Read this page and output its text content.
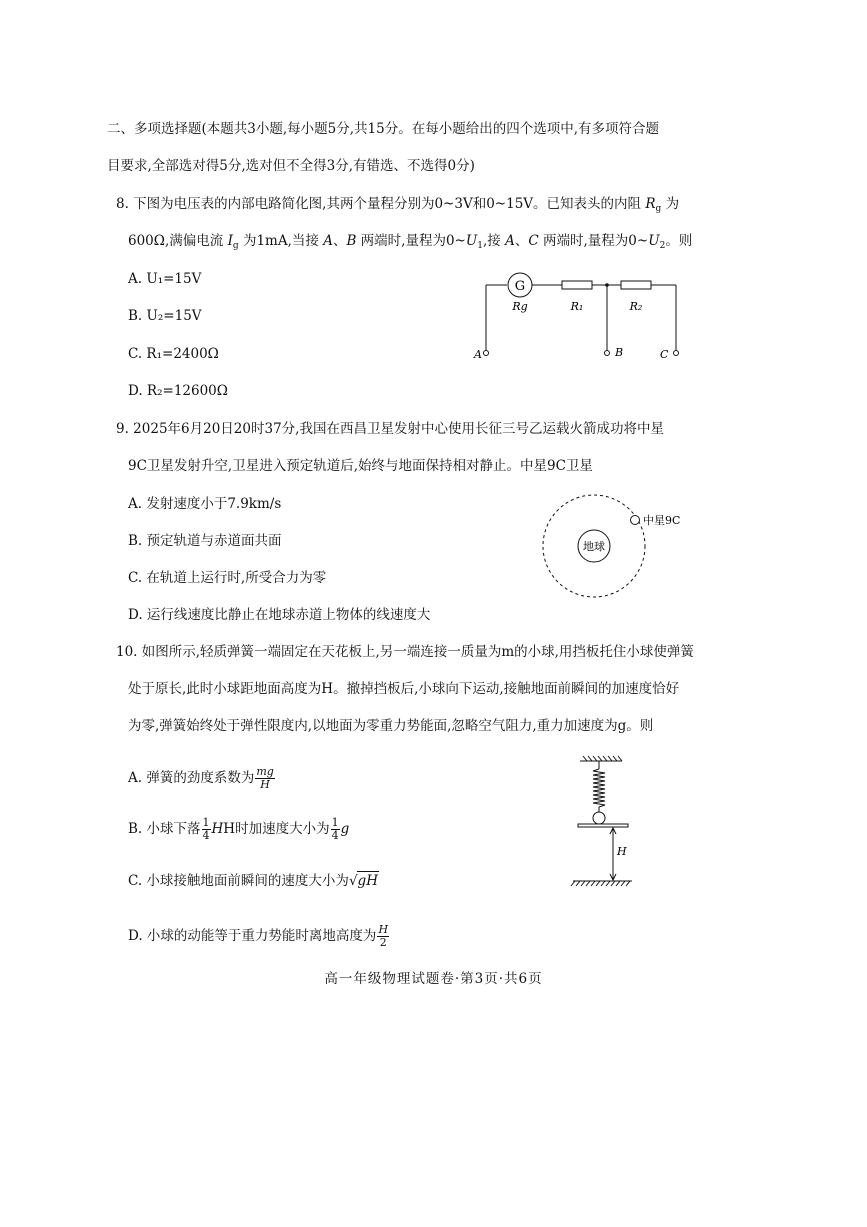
二、多项选择题(本题共3小题,每小题5分,共15分。在每小题给出的四个选项中,有多项符合题
目要求,全部选对得5分,选对但不全得3分,有错选、不选得0分)
8. 下图为电压表的内部电路简化图,其两个量程分别为0~3V和0~15V。已知表头的内阻 $R_g$ 为
600Ω,满偏电流 $I_g$ 为1mA,当接 A、B 两端时,量程为$0\sim U_1$,接 A、C 两端时,量程为$0\sim U_2$。则
A. U₁=15V
B. U₂=15V
C. R₁=2400Ω
D. R₂=12600Ω
G
Rg	R₁	R₂
A	B	C
9. 2025年6月20日20时37分,我国在西昌卫星发射中心使用长征三号乙运载火箭成功将中星
9C卫星发射升空,卫星进入预定轨道后,始终与地面保持相对静止。中星9C卫星
A. 发射速度小于7.9km/s
B. 预定轨道与赤道面共面
C. 在轨道上运行时,所受合力为零
D. 运行线速度比静止在地球赤道上物体的线速度大
地球
中星9C
10. 如图所示,轻质弹簧一端固定在天花板上,另一端连接一质量为m的小球,用挡板托住小球使弹簧
处于原长,此时小球距地面高度为H。撤掉挡板后,小球向下运动,接触地面前瞬间的加速度恰好
为零,弹簧始终处于弹性限度内,以地面为零重力势能面,忽略空气阻力,重力加速度为g。则
A. 弹簧的劲度系数为 $\frac{mg}{H}$
B. 小球下落 $\frac{1}{4}$ HH时加速度大小为 $\frac{1}{4}$ g
C. 小球接触地面前瞬间的速度大小为√gH
D. 小球的动能等于重力势能时离地高度为 $\frac{H}{2}$
H
高一年级物理试题卷·第3页·共6页
